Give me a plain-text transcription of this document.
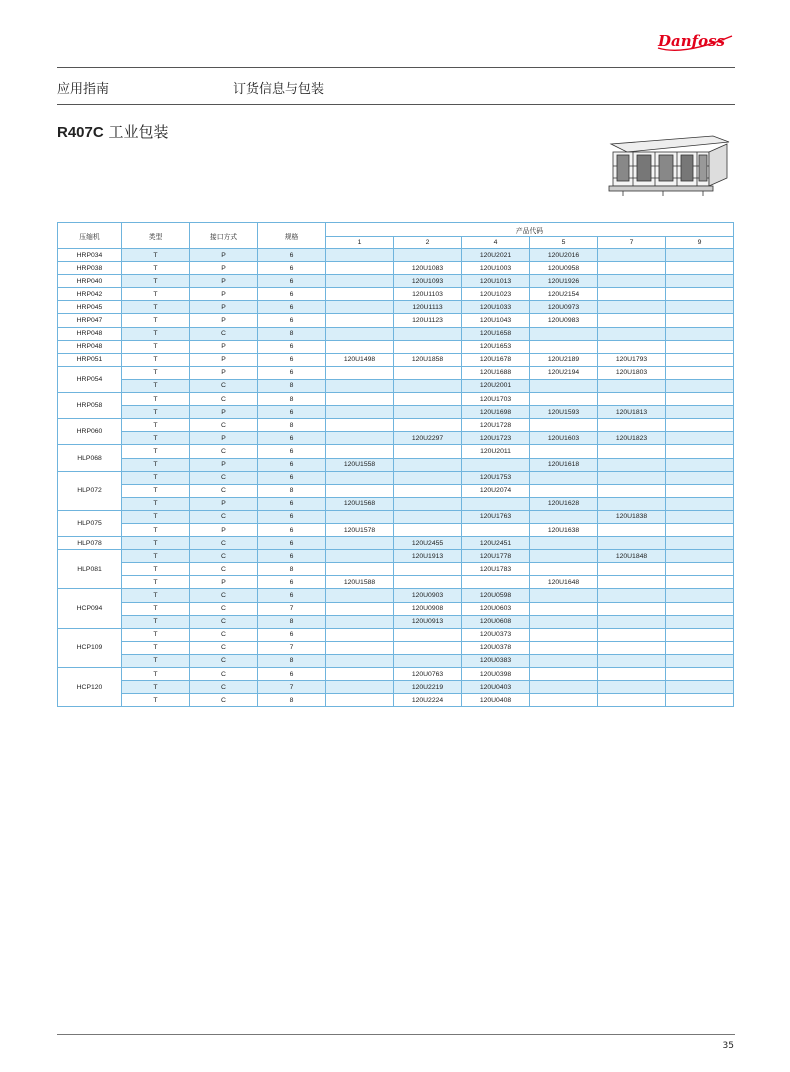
Danfoss
应用指南	订货信息与包装
R407C 工业包装
压缩机	类型	接口方式	规格	产品代码					
				1	2	4	5	7	9
HRP034	T	P	6			120U2021	120U2016		
HRP038	T	P	6		120U1083	120U1003	120U0958		
HRP040	T	P	6		120U1093	120U1013	120U1926		
HRP042	T	P	6		120U1103	120U1023	120U2154		
HRP045	T	P	6		120U1113	120U1033	120U0973		
HRP047	T	P	6		120U1123	120U1043	120U0983		
HRP048	T	C	8			120U1658			
HRP048	T	P	6			120U1653			
HRP051	T	P	6	120U1498	120U1858	120U1678	120U2189	120U1793	
HRP054	T	P	6			120U1688	120U2194	120U1803	
	T	C	8			120U2001			
HRP058	T	C	8			120U1703			
	T	P	6			120U1698	120U1593	120U1813	
HRP060	T	C	8			120U1728			
	T	P	6		120U2297	120U1723	120U1603	120U1823	
HLP068	T	C	6			120U2011			
	T	P	6	120U1558			120U1618		
HLP072	T	C	6			120U1753			
	T	C	8			120U2074			
	T	P	6	120U1568			120U1628		
HLP075	T	C	6			120U1763		120U1838	
	T	P	6	120U1578			120U1638		
HLP078	T	C	6		120U2455	120U2451			
HLP081	T	C	6		120U1913	120U1778		120U1848	
	T	C	8			120U1783			
	T	P	6	120U1588			120U1648		
HCP094	T	C	6		120U0903	120U0598			
	T	C	7		120U0908	120U0603			
	T	C	8		120U0913	120U0608			
HCP109	T	C	6			120U0373			
	T	C	7			120U0378			
	T	C	8			120U0383			
HCP120	T	C	6		120U0763	120U0398			
	T	C	7		120U2219	120U0403			
	T	C	8		120U2224	120U0408			
35
